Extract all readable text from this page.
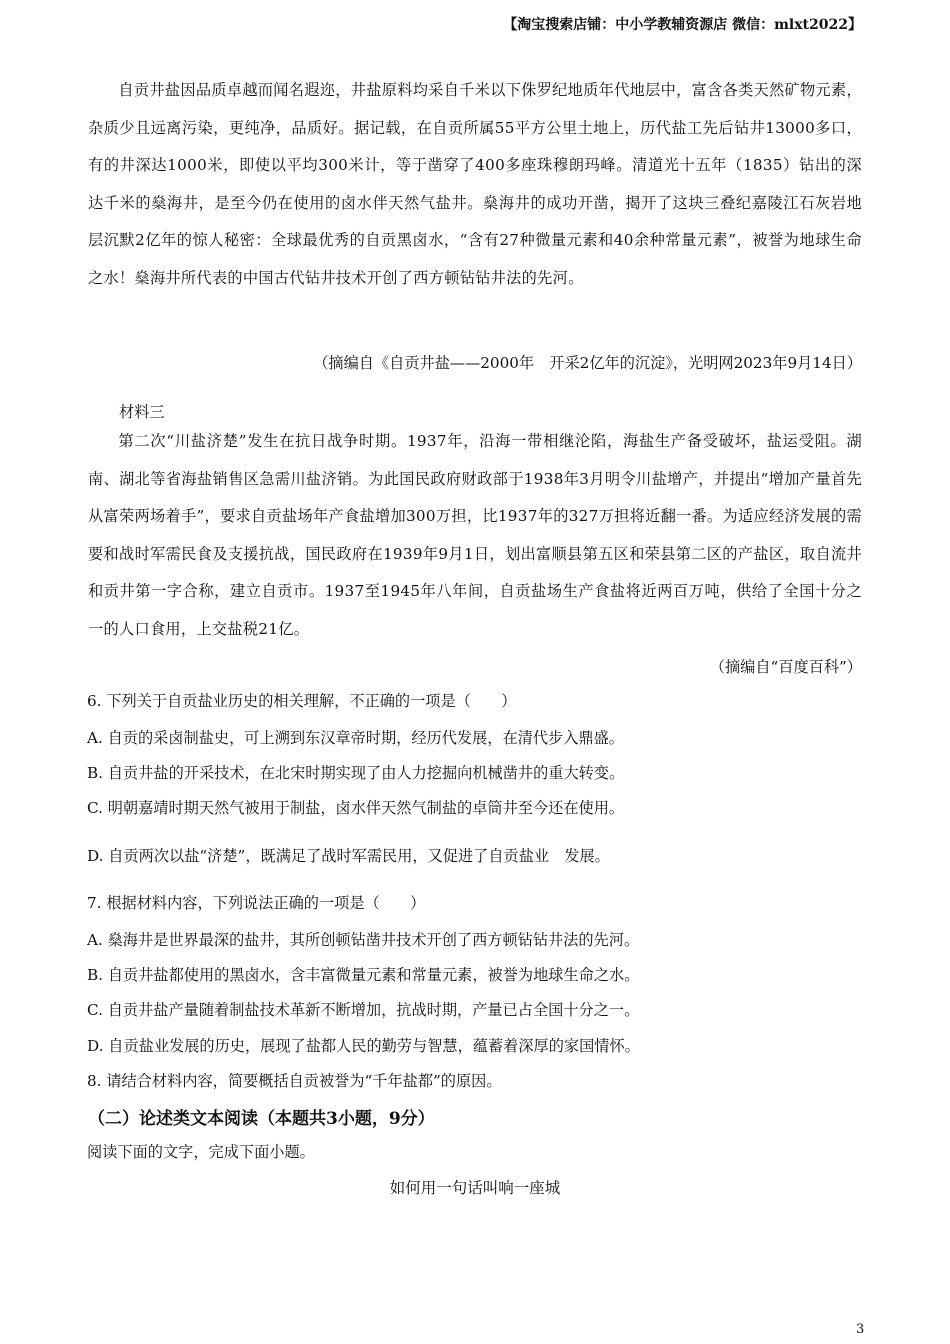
【淘宝搜索店铺：中小学教辅资源店 微信：mlxt2022】
自贡井盐因品质卓越而闻名遐迩，井盐原料均采自千米以下侏罗纪地质年代地层中，富含各类天然矿物元素，杂质少且远离污染，更纯净，品质好。据记载，在自贡所属55平方公里土地上，历代盐工先后钻井13000多口，有的井深达1000米，即使以平均300米计，等于凿穿了400多座珠穆朗玛峰。清道光十五年（1835）钻出的深达千米的燊海井，是至今仍在使用的卤水伴天然气盐井。燊海井的成功开凿，揭开了这块三叠纪嘉陵江石灰岩地层沉默2亿年的惊人秘密：全球最优秀的自贡黑卤水，“含有27种微量元素和40余种常量元素”，被誉为地球生命之水！燊海井所代表的中国古代钻井技术开创了西方顿钻钻井法的先河。
（摘编自《自贡井盐——2000年　开采2亿年的沉淀》，光明网2023年9月14日）
材料三
第二次“川盐济楚”发生在抗日战争时期。1937年，沿海一带相继沦陷，海盐生产备受破坏，盐运受阻。湖南、湖北等省海盐销售区急需川盐济销。为此国民政府财政部于1938年3月明令川盐增产，并提出“增加产量首先从富荣两场着手”，要求自贡盐场年产食盐增加300万担，比1937年的327万担将近翻一番。为适应经济发展的需要和战时军需民食及支援抗战，国民政府在1939年9月1日，划出富顺县第五区和荣县第二区的产盐区，取自流井和贡井第一字合称，建立自贡市。1937至1945年八年间，自贡盐场生产食盐将近两百万吨，供给了全国十分之一的人口食用，上交盐税21亿。
（摘编自“百度百科”）
6. 下列关于自贡盐业历史的相关理解，不正确的一项是（　　）
A. 自贡的采卤制盐史，可上溯到东汉章帝时期，经历代发展，在清代步入鼎盛。
B. 自贡井盐的开采技术，在北宋时期实现了由人力挖掘向机械凿井的重大转变。
C. 明朝嘉靖时期天然气被用于制盐，卤水伴天然气制盐的卓筒井至今还在使用。
D. 自贡两次以盐“济楚”，既满足了战时军需民用，又促进了自贡盐业　发展。
7. 根据材料内容，下列说法正确的一项是（　　）
A. 燊海井是世界最深的盐井，其所创顿钻凿井技术开创了西方顿钻钻井法的先河。
B. 自贡井盐都使用的黑卤水，含丰富微量元素和常量元素，被誉为地球生命之水。
C. 自贡井盐产量随着制盐技术革新不断增加，抗战时期，产量已占全国十分之一。
D. 自贡盐业发展的历史，展现了盐都人民的勤劳与智慧，蕴蓄着深厚的家国情怀。
8. 请结合材料内容，简要概括自贡被誉为“千年盐都”的原因。
（二）论述类文本阅读（本题共3小题，9分）
阅读下面的文字，完成下面小题。
如何用一句话叫响一座城
3
